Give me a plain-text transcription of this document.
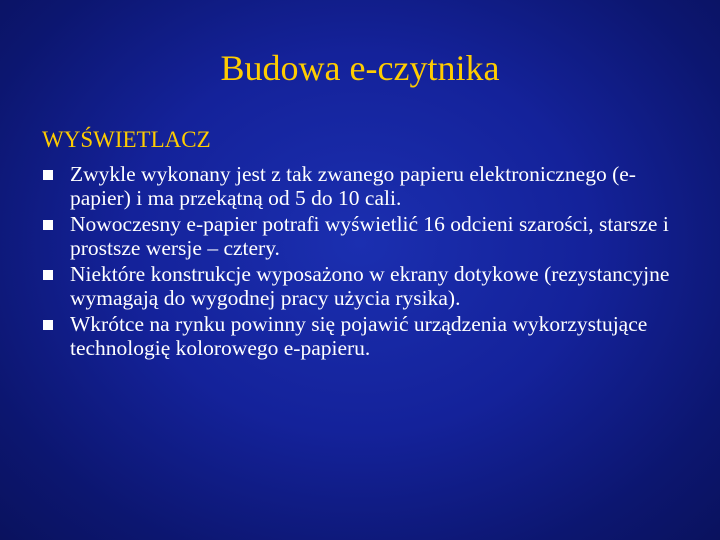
Budowa e-czytnika
WYŚWIETLACZ
Zwykle wykonany jest z tak zwanego papieru elektronicznego (e-papier) i ma przekątną od 5 do 10 cali.
Nowoczesny e-papier potrafi wyświetlić 16 odcieni szarości, starsze i prostsze wersje – cztery.
Niektóre konstrukcje wyposażono w ekrany dotykowe (rezystancyjne wymagają do wygodnej pracy użycia rysika).
Wkrótce na rynku powinny się pojawić urządzenia wykorzystujące technologię kolorowego e-papieru.
